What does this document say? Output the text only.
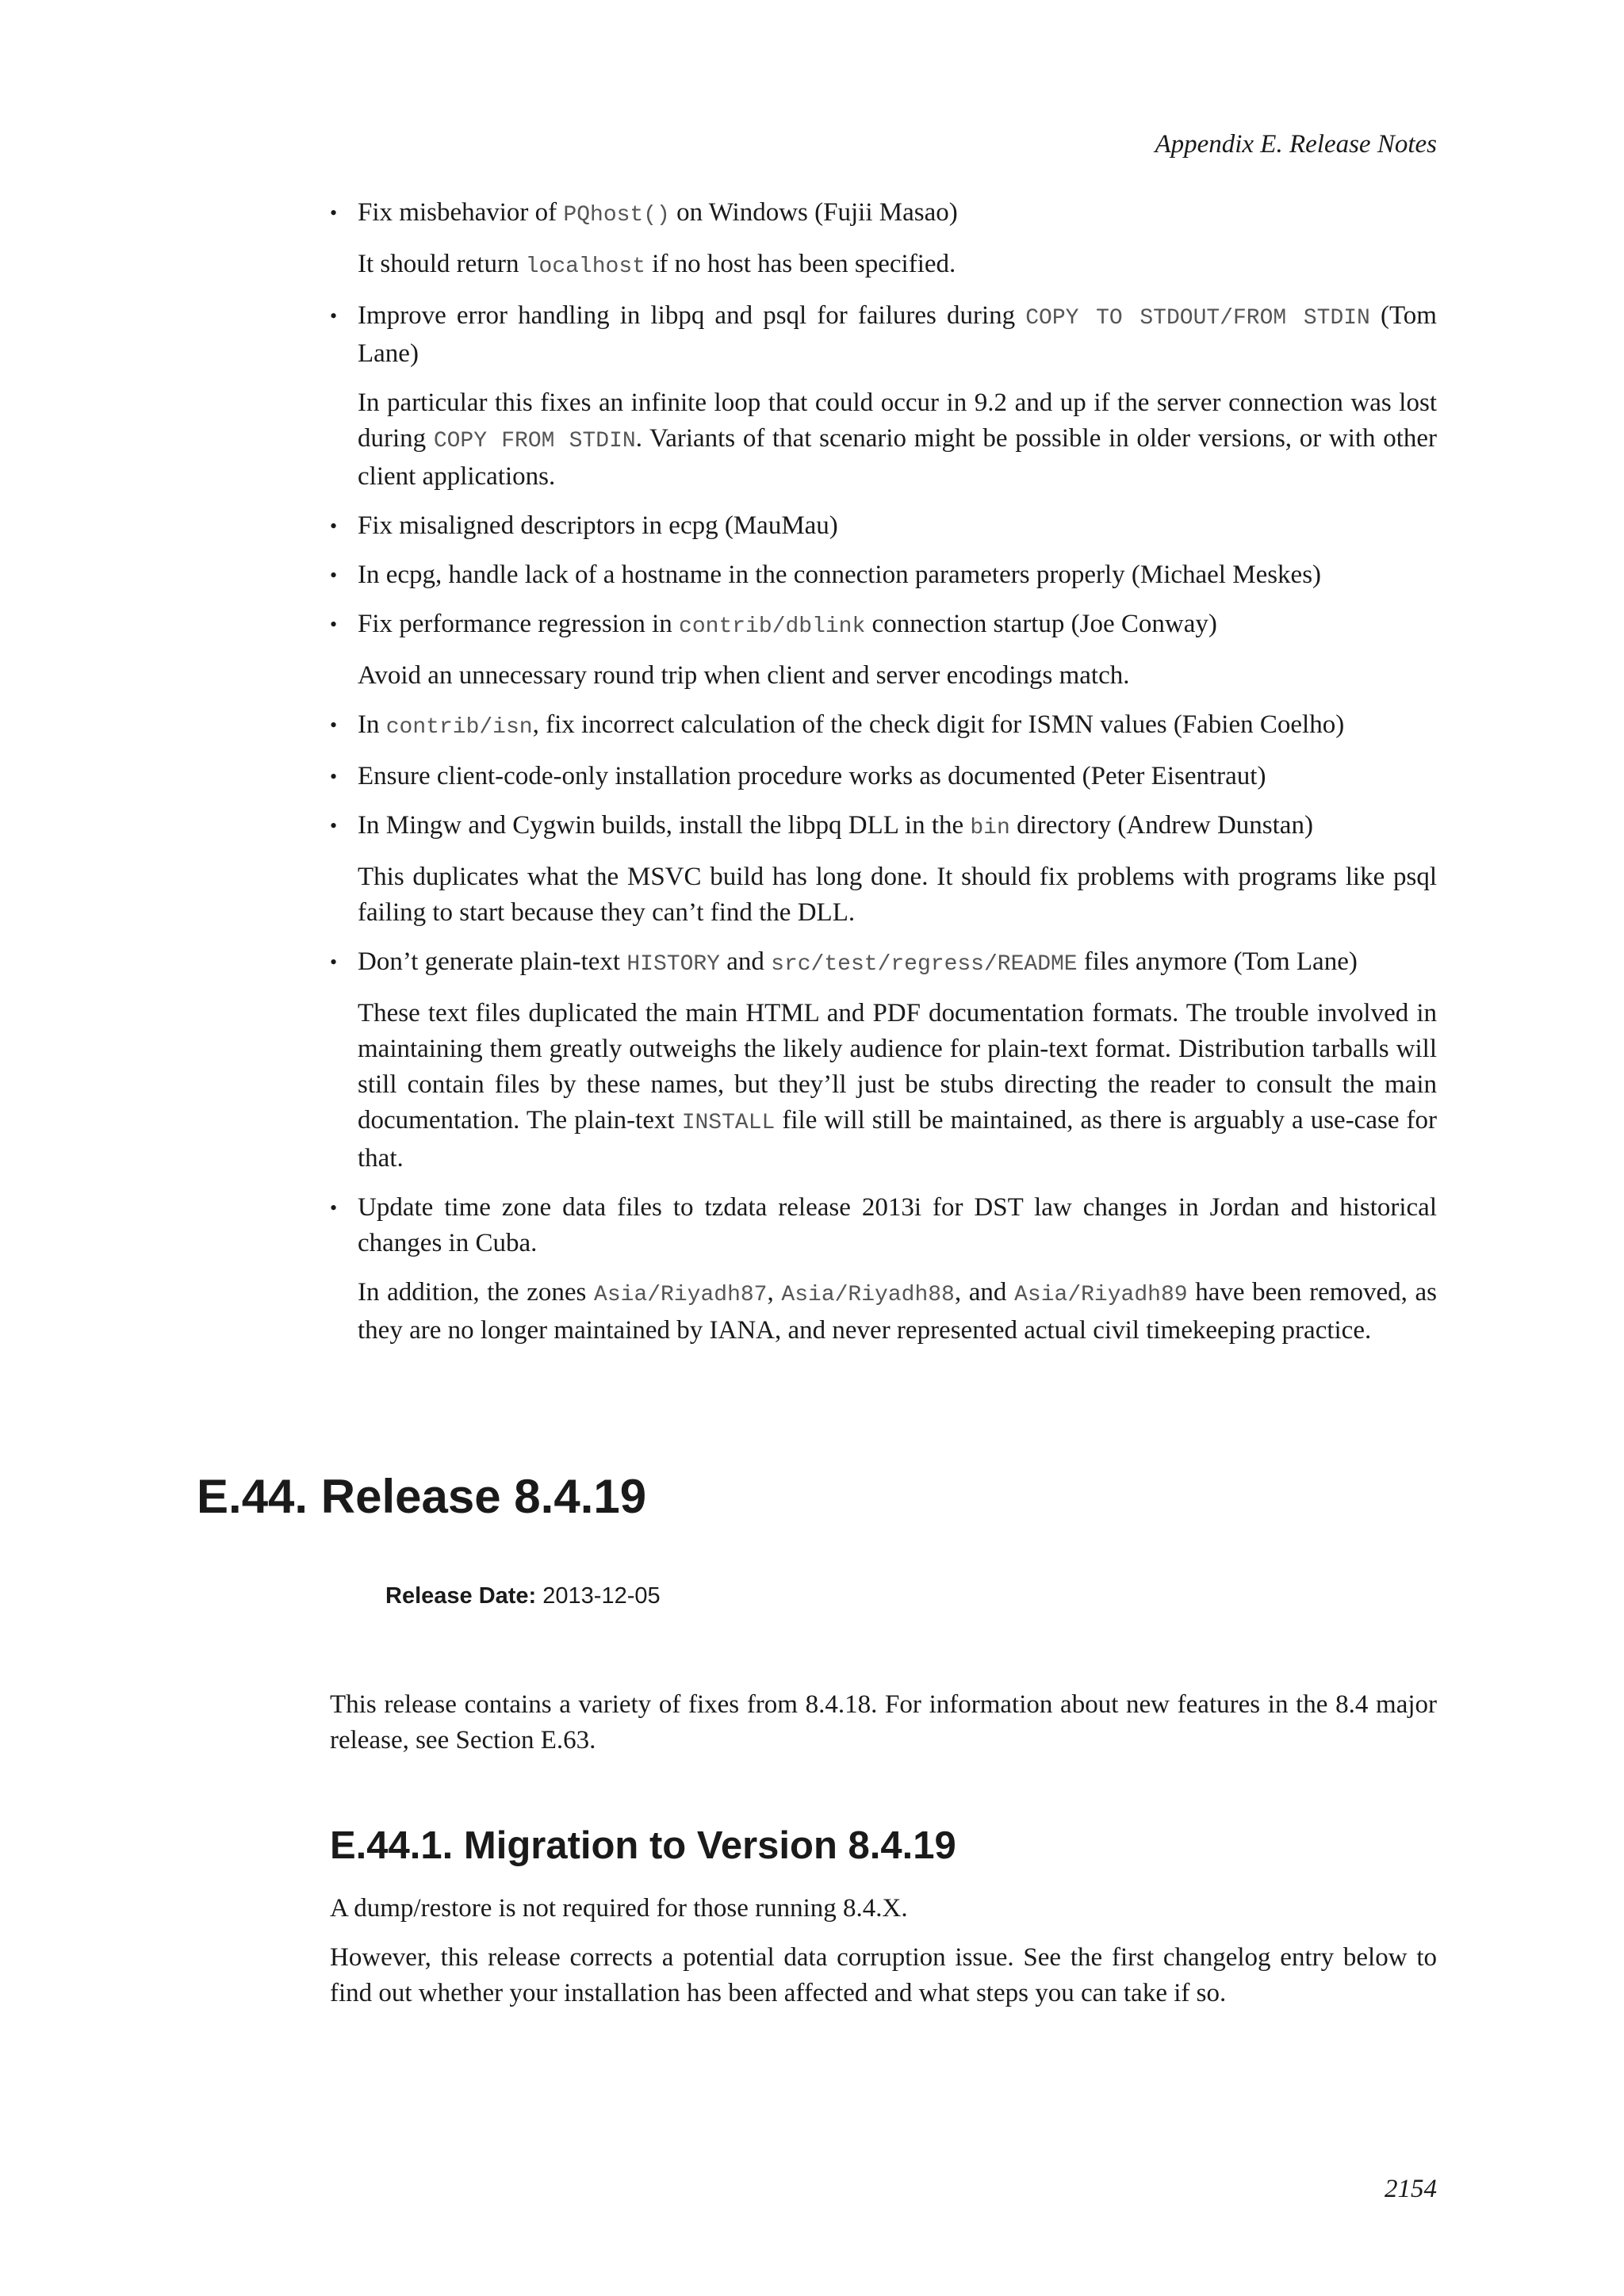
Appendix E. Release Notes

• Fix misbehavior of PQhost() on Windows (Fujii Masao)

It should return localhost if no host has been specified.

• Improve error handling in libpq and psql for failures during COPY TO STDOUT/FROM STDIN (Tom Lane)

In particular this fixes an infinite loop that could occur in 9.2 and up if the server connection was lost during COPY FROM STDIN. Variants of that scenario might be possible in older versions, or with other client applications.

• Fix misaligned descriptors in ecpg (MauMau)

• In ecpg, handle lack of a hostname in the connection parameters properly (Michael Meskes)

• Fix performance regression in contrib/dblink connection startup (Joe Conway)

Avoid an unnecessary round trip when client and server encodings match.

• In contrib/isn, fix incorrect calculation of the check digit for ISMN values (Fabien Coelho)

• Ensure client-code-only installation procedure works as documented (Peter Eisentraut)

• In Mingw and Cygwin builds, install the libpq DLL in the bin directory (Andrew Dunstan)

This duplicates what the MSVC build has long done. It should fix problems with programs like psql failing to start because they can’t find the DLL.

• Don’t generate plain-text HISTORY and src/test/regress/README files anymore (Tom Lane)

These text files duplicated the main HTML and PDF documentation formats. The trouble involved in maintaining them greatly outweighs the likely audience for plain-text format. Distribution tarballs will still contain files by these names, but they’ll just be stubs directing the reader to consult the main documentation. The plain-text INSTALL file will still be maintained, as there is arguably a use-case for that.

• Update time zone data files to tzdata release 2013i for DST law changes in Jordan and historical changes in Cuba.

In addition, the zones Asia/Riyadh87, Asia/Riyadh88, and Asia/Riyadh89 have been removed, as they are no longer maintained by IANA, and never represented actual civil timekeeping practice.
E.44. Release 8.4.19
Release Date: 2013-12-05

This release contains a variety of fixes from 8.4.18. For information about new features in the 8.4 major release, see Section E.63.

E.44.1. Migration to Version 8.4.19

A dump/restore is not required for those running 8.4.X.

However, this release corrects a potential data corruption issue. See the first changelog entry below to find out whether your installation has been affected and what steps you can take if so.

2154
